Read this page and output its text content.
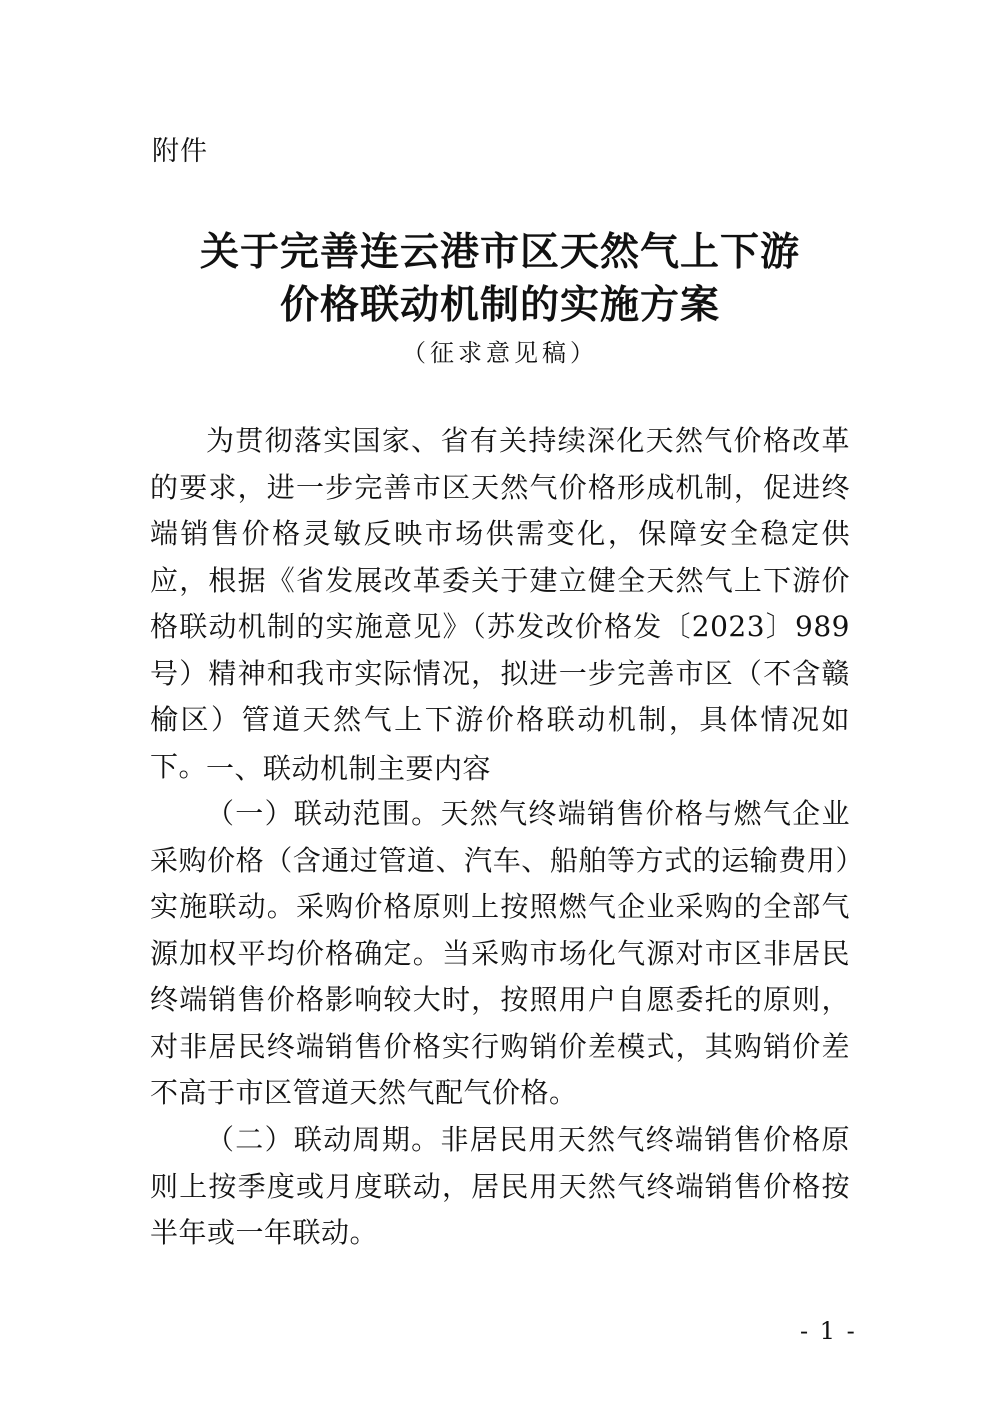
附件
关于完善连云港市区天然气上下游
价格联动机制的实施方案
（征求意见稿）
为贯彻落实国家、省有关持续深化天然气价格改革的要求，进一步完善市区天然气价格形成机制，促进终端销售价格灵敏反映市场供需变化，保障安全稳定供应，根据《省发展改革委关于建立健全天然气上下游价格联动机制的实施意见》（苏发改价格发〔2023〕989号）精神和我市实际情况，拟进一步完善市区（不含赣榆区）管道天然气上下游价格联动机制，具体情况如下。
一、联动机制主要内容
（一）联动范围。天然气终端销售价格与燃气企业采购价格（含通过管道、汽车、船舶等方式的运输费用）实施联动。采购价格原则上按照燃气企业采购的全部气源加权平均价格确定。当采购市场化气源对市区非居民终端销售价格影响较大时，按照用户自愿委托的原则，对非居民终端销售价格实行购销价差模式，其购销价差不高于市区管道天然气配气价格。
（二）联动周期。非居民用天然气终端销售价格原则上按季度或月度联动，居民用天然气终端销售价格按半年或一年联动。
- 1 -
